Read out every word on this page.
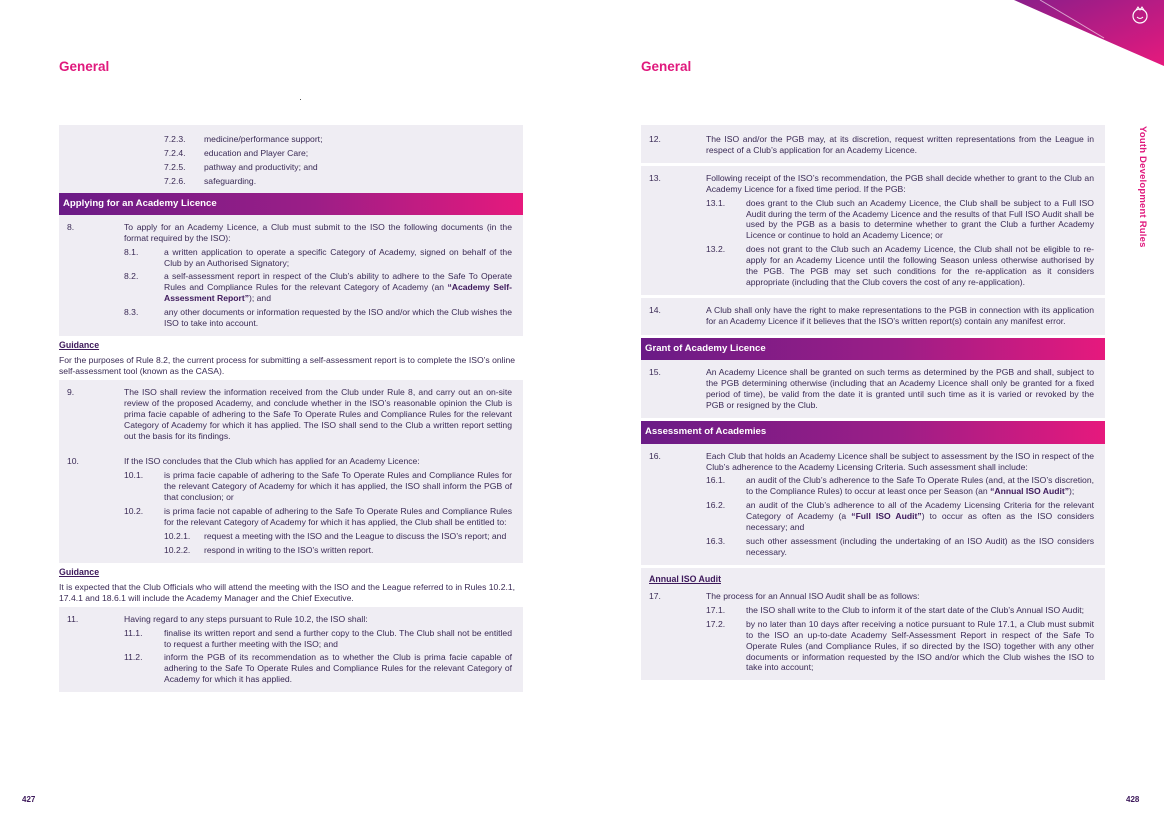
General	General
Youth Development Rules
7.2.3.	medicine/performance support;
7.2.4.	education and Player Care;
7.2.5.	pathway and productivity; and
7.2.6.	safeguarding.
Applying for an Academy Licence
8.	To apply for an Academy Licence, a Club must submit to the ISO the following documents (in the format required by the ISO):
8.1.	a written application to operate a specific Category of Academy, signed on behalf of the Club by an Authorised Signatory;
8.2.	a self-assessment report in respect of the Club’s ability to adhere to the Safe To Operate Rules and Compliance Rules for the relevant Category of Academy (an “Academy Self-Assessment Report”); and
8.3.	any other documents or information requested by the ISO and/or which the Club wishes the ISO to take into account.
Guidance
For the purposes of Rule 8.2, the current process for submitting a self-assessment report is to complete the ISO’s online self-assessment tool (known as the CASA).
9.	The ISO shall review the information received from the Club under Rule 8, and carry out an on-site review of the proposed Academy, and conclude whether in the ISO’s reasonable opinion the Club is prima facie capable of adhering to the Safe To Operate Rules and Compliance Rules for the relevant Category of Academy for which it has applied. The ISO shall send to the Club a written report setting out the basis for its findings.
10.	If the ISO concludes that the Club which has applied for an Academy Licence:
10.1.	is prima facie capable of adhering to the Safe To Operate Rules and Compliance Rules for the relevant Category of Academy for which it has applied, the ISO shall inform the PGB of that conclusion; or
10.2.	is prima facie not capable of adhering to the Safe To Operate Rules and Compliance Rules for the relevant Category of Academy for which it has applied, the Club shall be entitled to:
10.2.1.	request a meeting with the ISO and the League to discuss the ISO’s report; and
10.2.2.	respond in writing to the ISO’s written report.
Guidance
It is expected that the Club Officials who will attend the meeting with the ISO and the League referred to in Rules 10.2.1, 17.4.1 and 18.6.1 will include the Academy Manager and the Chief Executive.
11.	Having regard to any steps pursuant to Rule 10.2, the ISO shall:
11.1.	finalise its written report and send a further copy to the Club. The Club shall not be entitled to request a further meeting with the ISO; and
11.2.	inform the PGB of its recommendation as to whether the Club is prima facie capable of adhering to the Safe To Operate Rules and Compliance Rules for the relevant Category of Academy for which it has applied.
12.	The ISO and/or the PGB may, at its discretion, request written representations from the League in respect of a Club’s application for an Academy Licence.
13.	Following receipt of the ISO’s recommendation, the PGB shall decide whether to grant to the Club an Academy Licence for a fixed time period. If the PGB:
13.1.	does grant to the Club such an Academy Licence, the Club shall be subject to a Full ISO Audit during the term of the Academy Licence and the results of that Full ISO Audit shall be used by the PGB as a basis to determine whether to grant the Club a further Academy Licence or continue to hold an Academy Licence; or
13.2.	does not grant to the Club such an Academy Licence, the Club shall not be eligible to re-apply for an Academy Licence until the following Season unless otherwise authorised by the PGB. The PGB may set such conditions for the re-application as it considers appropriate (including that the Club covers the cost of any re-application).
14.	A Club shall only have the right to make representations to the PGB in connection with its application for an Academy Licence if it believes that the ISO’s written report(s) contain any manifest error.
Grant of Academy Licence
15.	An Academy Licence shall be granted on such terms as determined by the PGB and shall, subject to the PGB determining otherwise (including that an Academy Licence shall only be granted for a fixed period of time), be valid from the date it is granted until such time as it is varied or revoked by the PGB or resigned by the Club.
Assessment of Academies
16.	Each Club that holds an Academy Licence shall be subject to assessment by the ISO in respect of the Club’s adherence to the Academy Licensing Criteria. Such assessment shall include:
16.1.	an audit of the Club’s adherence to the Safe To Operate Rules (and, at the ISO’s discretion, to the Compliance Rules) to occur at least once per Season (an “Annual ISO Audit”);
16.2.	an audit of the Club’s adherence to all of the Academy Licensing Criteria for the relevant Category of Academy (a “Full ISO Audit”) to occur as often as the ISO considers necessary; and
16.3.	such other assessment (including the undertaking of an ISO Audit) as the ISO considers necessary.
Annual ISO Audit
17.	The process for an Annual ISO Audit shall be as follows:
17.1.	the ISO shall write to the Club to inform it of the start date of the Club’s Annual ISO Audit;
17.2.	by no later than 10 days after receiving a notice pursuant to Rule 17.1, a Club must submit to the ISO an up-to-date Academy Self-Assessment Report in respect of the Safe To Operate Rules (and Compliance Rules, if so directed by the ISO) together with any other documents or information requested by the ISO and/or which the Club wishes the ISO to take into account;
427	428
